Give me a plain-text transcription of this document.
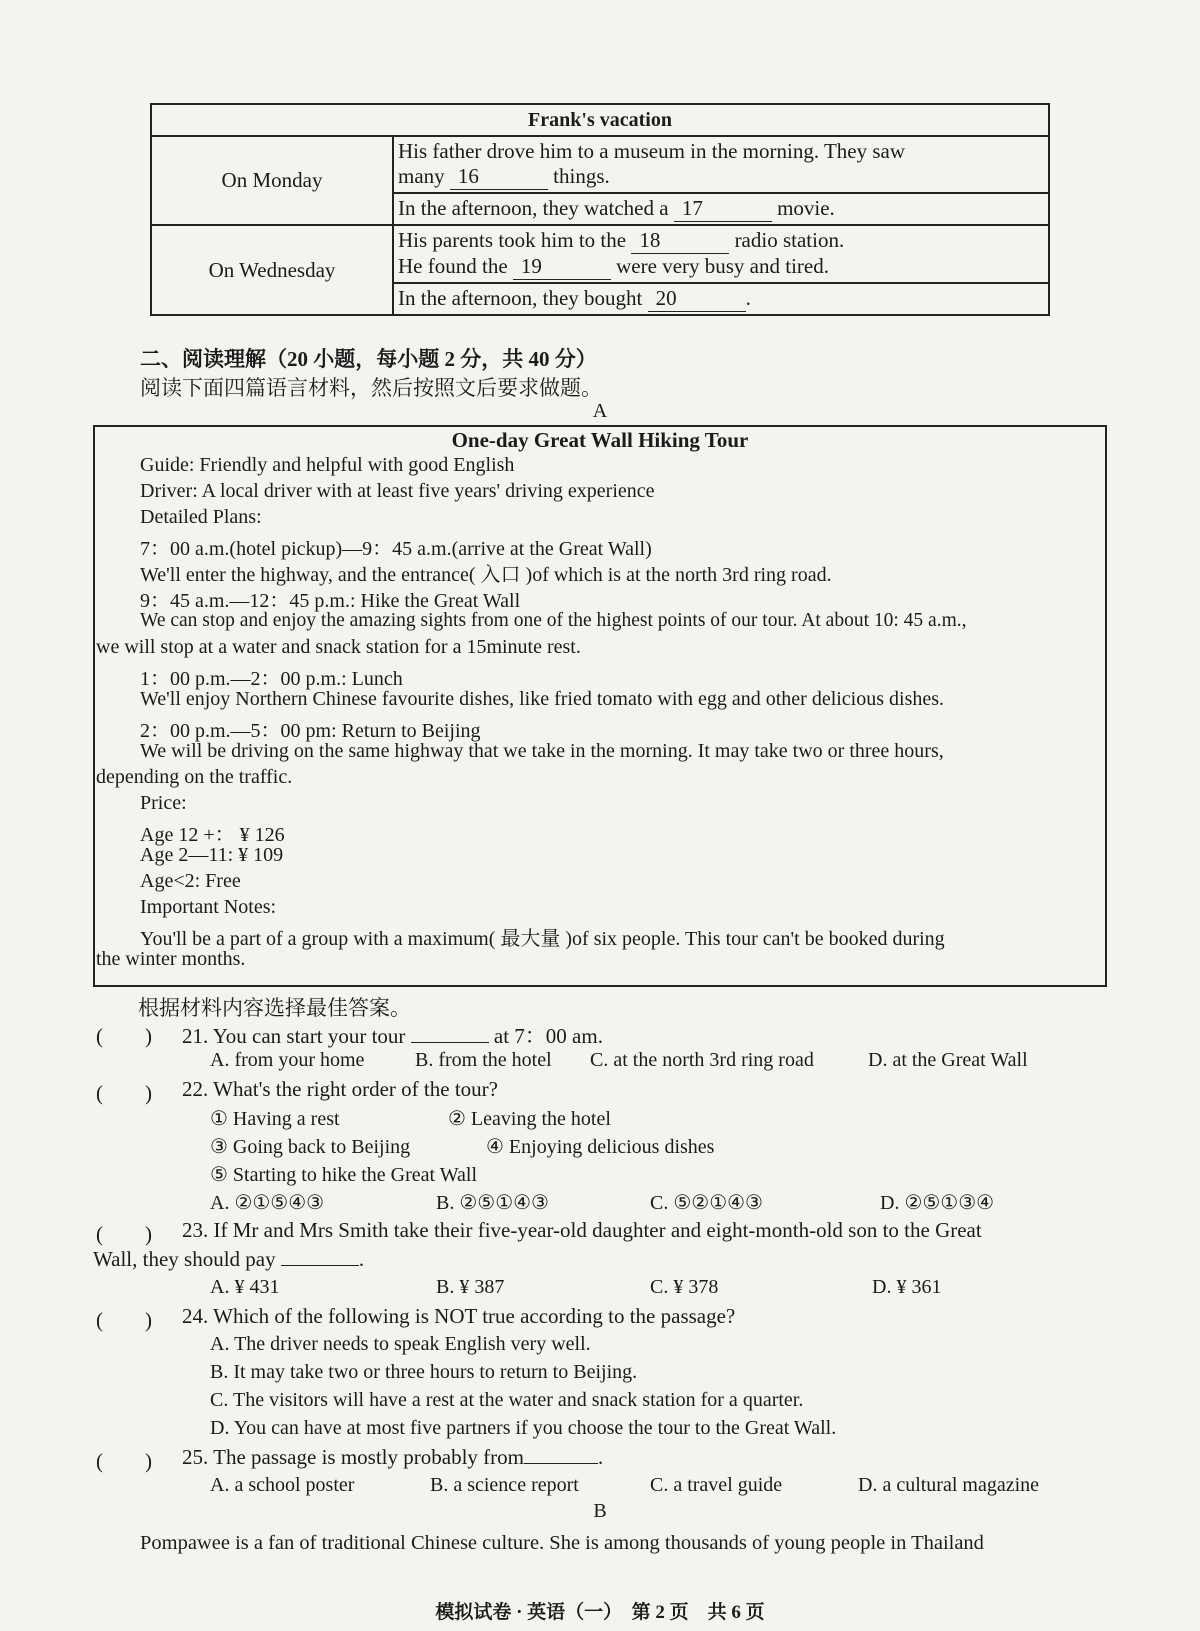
Frank's vacation	
On Monday	His father drove him to a museum in the morning. They saw
many 16 things.

	In the afternoon, they watched a 17 movie.
On Wednesday	His parents took him to the 18 radio station.
He found the 19 were very busy and tired.

	In the afternoon, they bought 20 .
二、阅读理解（20 小题，每小题 2 分，共 40 分）
阅读下面四篇语言材料，然后按照文后要求做题。
A
One-day Great Wall Hiking Tour
Guide: Friendly and helpful with good English
Driver: A local driver with at least five years' driving experience
Detailed Plans:
7：00 a.m.(hotel pickup)—9：45 a.m.(arrive at the Great Wall)
We'll enter the highway, and the entrance( 入口 )of which is at the north 3rd ring road.
9：45 a.m.—12：45 p.m.: Hike the Great Wall
We can stop and enjoy the amazing sights from one of the highest points of our tour. At about 10: 45 a.m.,
we will stop at a water and snack station for a 15minute rest.
1：00 p.m.—2：00 p.m.: Lunch
We'll enjoy Northern Chinese favourite dishes, like fried tomato with egg and other delicious dishes.
2：00 p.m.—5：00 pm: Return to Beijing
We will be driving on the same highway that we take in the morning. It may take two or three hours,
depending on the traffic.
Price:
Age 12 +： ¥ 126
Age 2—11: ¥ 109
Age<2: Free
Important Notes:
You'll be a part of a group with a maximum( 最大量 )of six people. This tour can't be booked during
the winter months.
根据材料内容选择最佳答案。
(　　) 21. You can start your tour	at 7：00 am.
A. from your home	B. from the hotel C. at the north 3rd ring road	D. at the Great Wall
(　　) 22. What's the right order of the tour?
① Having a rest	② Leaving the hotel
③ Going back to Beijing	④ Enjoying delicious dishes
⑤ Starting to hike the Great Wall
A. ②①⑤④③	B. ②⑤①④③	C. ⑤②①④③	D. ②⑤①③④
(　　) 23. If Mr and Mrs Smith take their five-year-old daughter and eight-month-old son to the Great
Wall, they should pay	.
A. ¥ 431	B. ¥ 387	C. ¥ 378	D. ¥ 361
(　　) 24. Which of the following is NOT true according to the passage?
A. The driver needs to speak English very well.
B. It may take two or three hours to return to Beijing.
C. The visitors will have a rest at the water and snack station for a quarter.
D. You can have at most five partners if you choose the tour to the Great Wall.
(　　) 25. The passage is mostly probably from	.
A. a school poster	B. a science report	C. a travel guide	D. a cultural magazine
B
Pompawee is a fan of traditional Chinese culture. She is among thousands of young people in Thailand
模拟试卷 · 英语（一）　第 2 页　共 6 页
